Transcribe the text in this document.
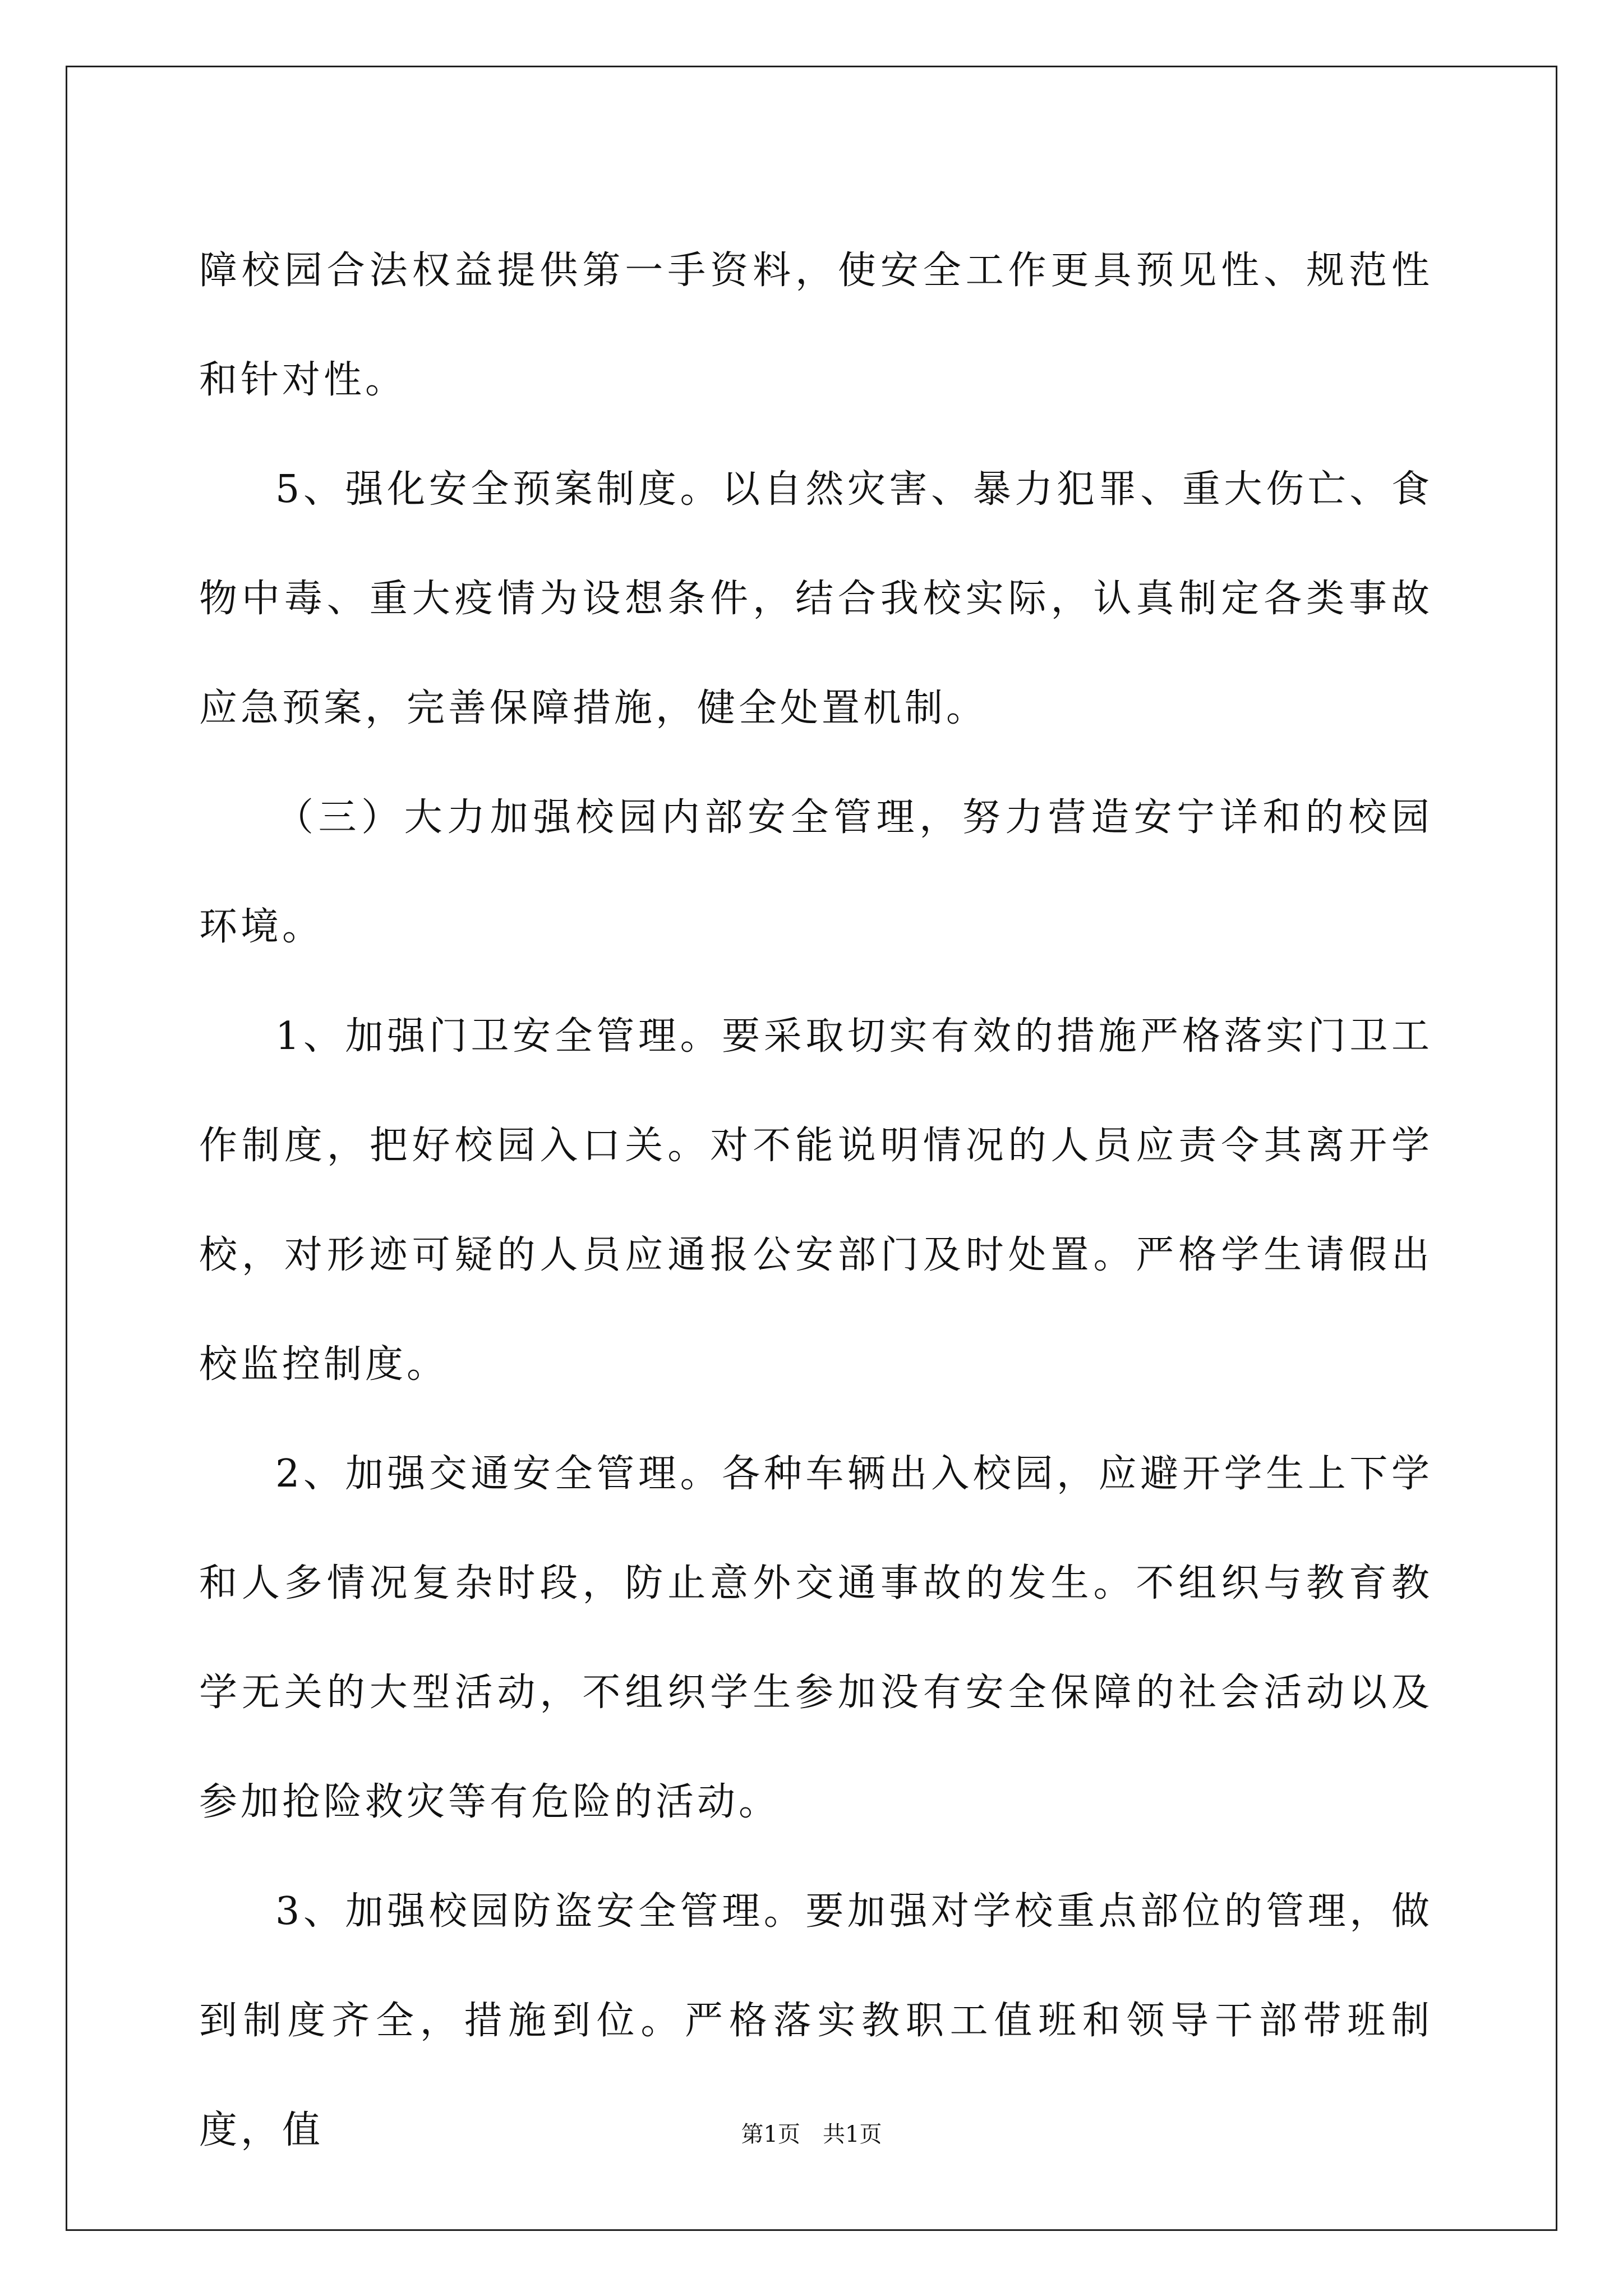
障校园合法权益提供第一手资料，使安全工作更具预见性、规范性和针对性。

5、强化安全预案制度。以自然灾害、暴力犯罪、重大伤亡、食物中毒、重大疫情为设想条件，结合我校实际，认真制定各类事故应急预案，完善保障措施，健全处置机制。

（三）大力加强校园内部安全管理，努力营造安宁详和的校园环境。

1、加强门卫安全管理。要采取切实有效的措施严格落实门卫工作制度，把好校园入口关。对不能说明情况的人员应责令其离开学校，对形迹可疑的人员应通报公安部门及时处置。严格学生请假出校监控制度。

2、加强交通安全管理。各种车辆出入校园，应避开学生上下学和人多情况复杂时段，防止意外交通事故的发生。不组织与教育教学无关的大型活动，不组织学生参加没有安全保障的社会活动以及参加抢险救灾等有危险的活动。

3、加强校园防盗安全管理。要加强对学校重点部位的管理，做到制度齐全，措施到位。严格落实教职工值班和领导干部带班制度，值	第1页　共1页
